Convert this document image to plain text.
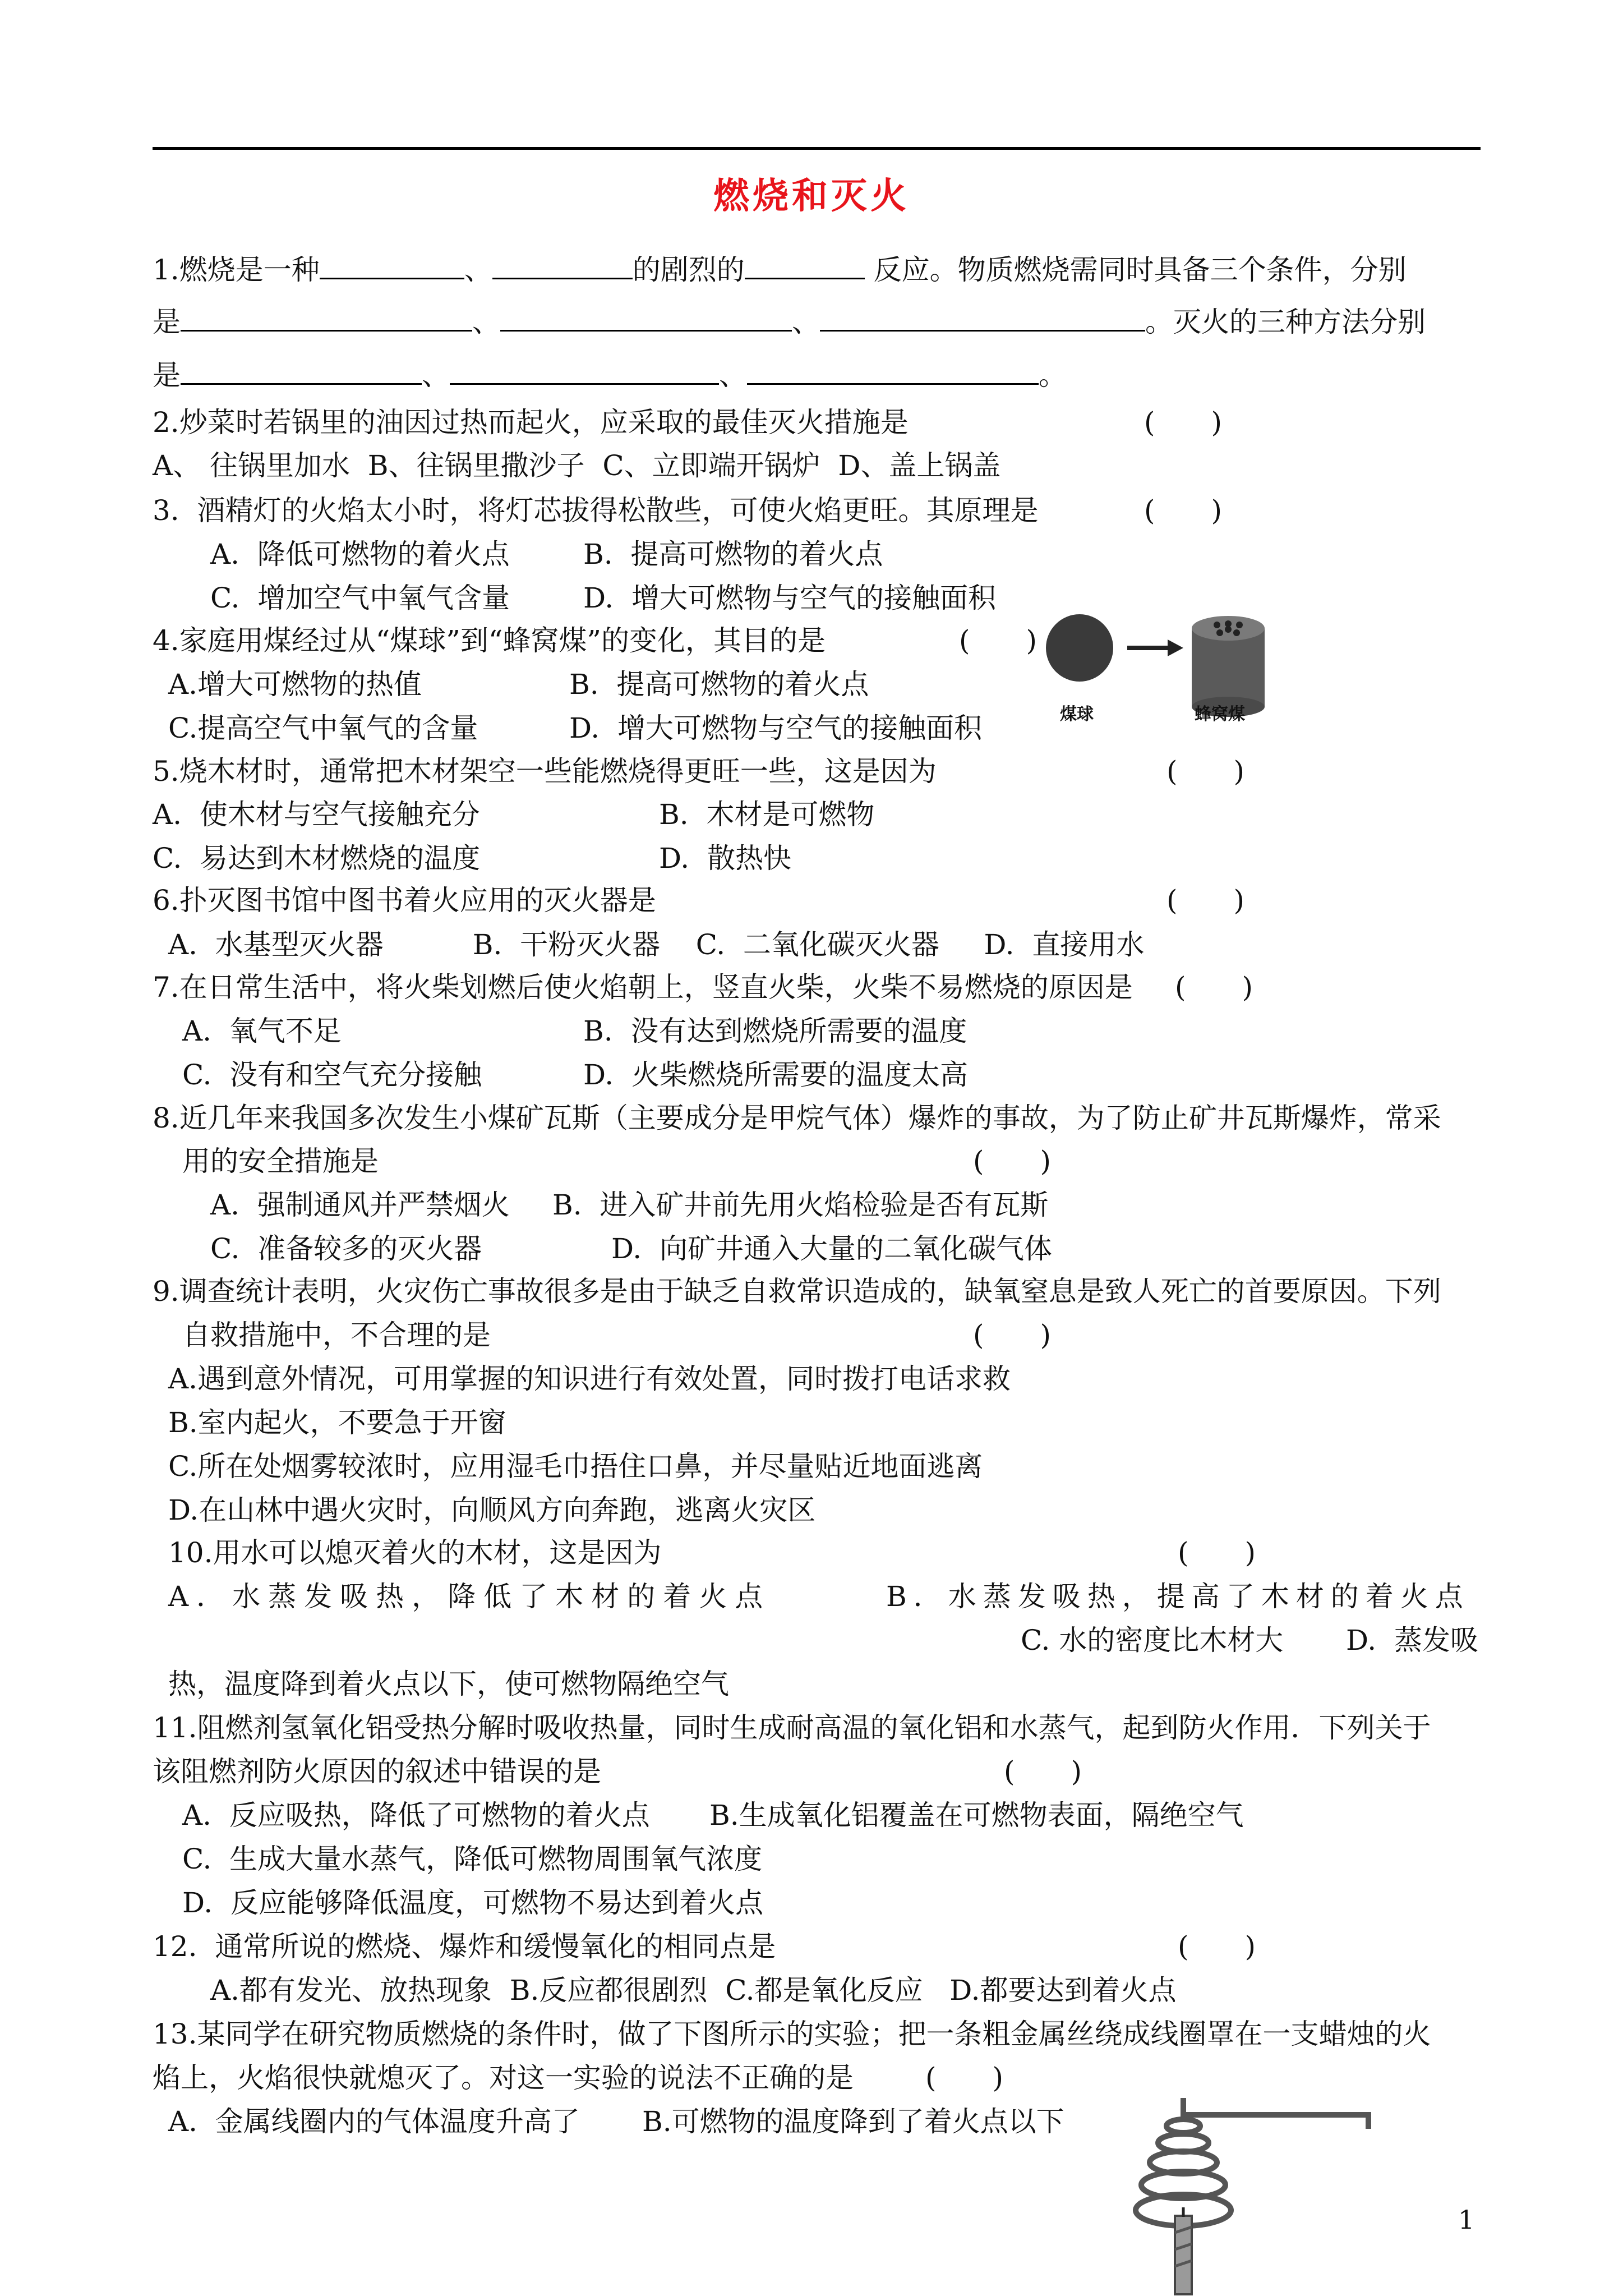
燃烧和灭火
1.燃烧是一种	、	的剧烈的	反应。物质燃烧需同时具备三个条件，分别
是	、	、	。灭火的三种方法分别
是	、	、	。
2.炒菜时若锅里的油因过热而起火，应采取的最佳灭火措施是	(　　)
A、 往锅里加水  B、往锅里撒沙子  C、立即端开锅炉  D、盖上锅盖
3.  酒精灯的火焰太小时，将灯芯拔得松散些，可使火焰更旺。其原理是	(　　)
A.  降低可燃物的着火点	B.  提高可燃物的着火点
C.  增加空气中氧气含量	D.  增大可燃物与空气的接触面积
4.家庭用煤经过从“煤球”到“蜂窝煤”的变化，其目的是	(　　)
A.增大可燃物的热值	B.  提高可燃物的着火点
C.提高空气中氧气的含量	D.  增大可燃物与空气的接触面积	煤球	蜂窝煤
5.烧木材时，通常把木材架空一些能燃烧得更旺一些，这是因为	(　　)
A.  使木材与空气接触充分	B.  木材是可燃物
C.  易达到木材燃烧的温度	D.  散热快
6.扑灭图书馆中图书着火应用的灭火器是	(　　)
A.  水基型灭火器          B.  干粉灭火器    C.  二氧化碳灭火器     D.  直接用水
7.在日常生活中，将火柴划燃后使火焰朝上，竖直火柴，火柴不易燃烧的原因是 (　　)
A.  氧气不足	B.  没有达到燃烧所需要的温度
C.  没有和空气充分接触	D.  火柴燃烧所需要的温度太高
8.近几年来我国多次发生小煤矿瓦斯（主要成分是甲烷气体）爆炸的事故，为了防止矿井瓦斯爆炸，常采
用的安全措施是	(　　)
A.  强制通风并严禁烟火 B.  进入矿井前先用火焰检验是否有瓦斯
C.  准备较多的灭火器	D.  向矿井通入大量的二氧化碳气体
9.调查统计表明，火灾伤亡事故很多是由于缺乏自救常识造成的，缺氧窒息是致人死亡的首要原因。下列
自救措施中，不合理的是	(　　)
A.遇到意外情况，可用掌握的知识进行有效处置，同时拨打电话求救
B.室内起火，不要急于开窗
C.所在处烟雾较浓时，应用湿毛巾捂住口鼻，并尽量贴近地面逃离
D.在山林中遇火灾时，向顺风方向奔跑，逃离火灾区
10.用水可以熄灭着火的木材，这是因为	(　　)
A．水蒸发吸热，降低了木材的着火点	B．水蒸发吸热，提高了木材的着火点
C. 水的密度比木材大 D.  蒸发吸
热，温度降到着火点以下，使可燃物隔绝空气
11.阻燃剂氢氧化铝受热分解时吸收热量，同时生成耐高温的氧化铝和水蒸气，起到防火作用．下列关于
该阻燃剂防火原因的叙述中错误的是	(　　)
A.  反应吸热，降低了可燃物的着火点 B.生成氧化铝覆盖在可燃物表面，隔绝空气
C.  生成大量水蒸气，降低可燃物周围氧气浓度
D.  反应能够降低温度，可燃物不易达到着火点
12.  通常所说的燃烧、爆炸和缓慢氧化的相同点是	(　　)
A.都有发光、放热现象  B.反应都很剧烈  C.都是氧化反应   D.都要达到着火点
13.某同学在研究物质燃烧的条件时，做了下图所示的实验；把一条粗金属丝绕成线圈罩在一支蜡烛的火
焰上，火焰很快就熄灭了。对这一实验的说法不正确的是	(　　)
A.  金属线圈内的气体温度升高了 B.可燃物的温度降到了着火点以下
1
